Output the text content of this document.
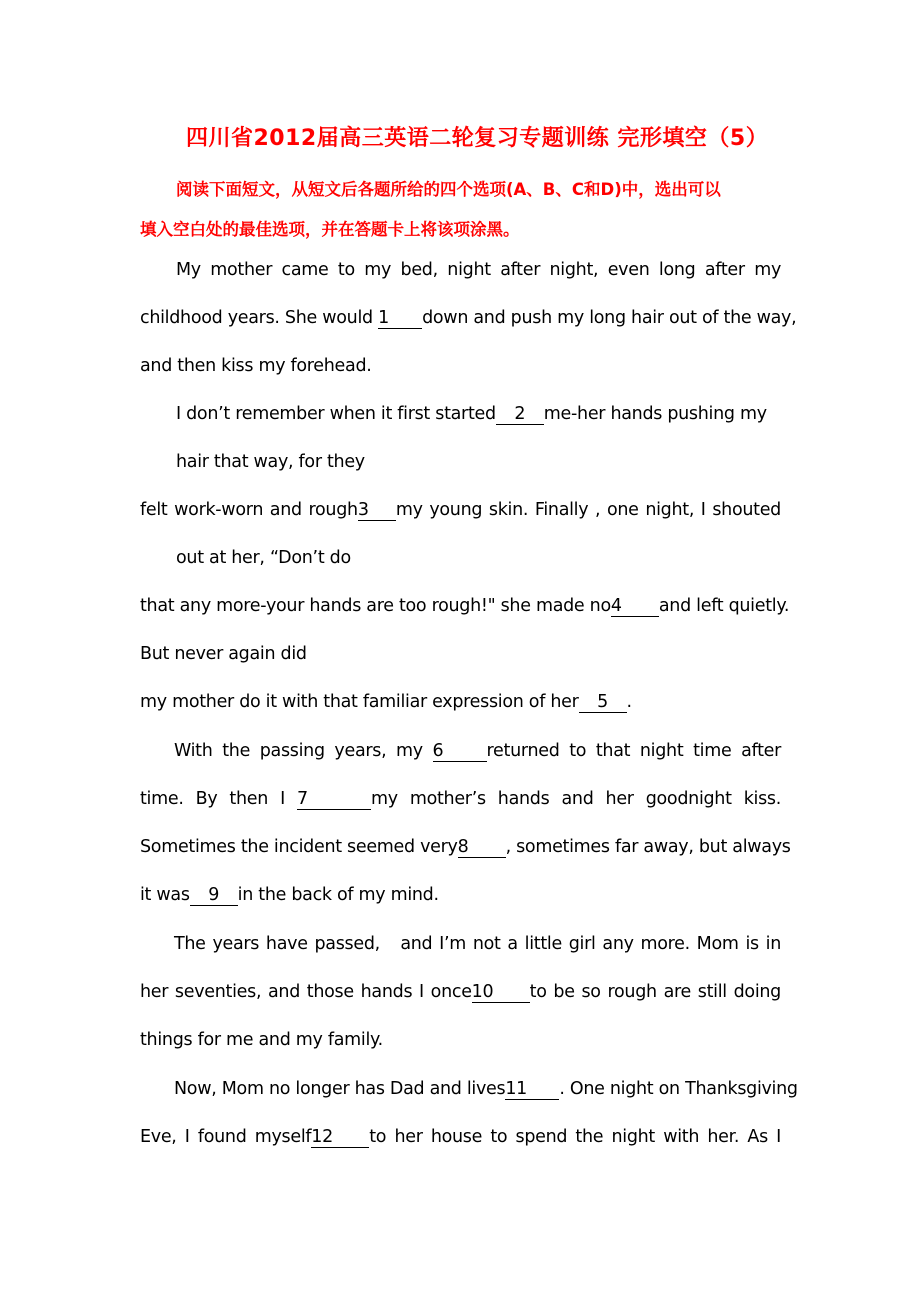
四川省2012届高三英语二轮复习专题训练 完形填空（5）
阅读下面短文，从短文后各题所给的四个选项(A、B、C和D)中，选出可以
填入空白处的最佳选项，并在答题卡上将该项涂黑。
My mother came to my bed, night after night, even long after my
childhood years. She would 1 down and push my long hair out of the way,
and then kiss my forehead.
I don’t remember when it first started 2 me-her hands pushing my
hair that way, for they
felt work-worn and rough3 my young skin. Finally , one night, I shouted
out at her, “Don’t do
that any more-your hands are too rough!" she made no4 and left quietly.
But never again did
my mother do it with that familiar expression of her 5 .
With the passing years, my 6 returned to that night time after
time. By then I 7	my mother’s hands and her goodnight kiss.
Sometimes the incident seemed very8 , sometimes far away, but always
it was 9 in the back of my mind.
The years have passed,   and I’m not a little girl any more. Mom is in
her seventies, and those hands I once10 to be so rough are still doing
things for me and my family.
Now, Mom no longer has Dad and lives11 . One night on Thanksgiving
Eve, I found myself12 to her house to spend the night with her. As I
